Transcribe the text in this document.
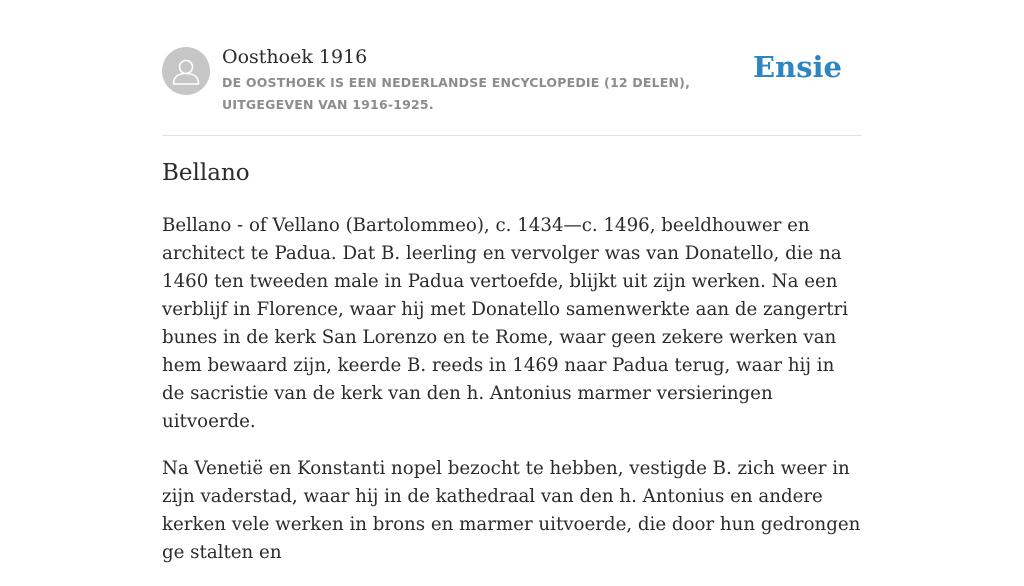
Oosthoek 1916
DE OOSTHOEK IS EEN NEDERLANDSE ENCYCLOPEDIE (12 DELEN), UITGEGEVEN VAN 1916-1925.
Ensie
Bellano

Bellano - of Vellano (Bartolommeo), c. 1434—c. 1496, beeldhouwer en architect te Padua. Dat B. leerling en vervolger was van Donatello, die na 1460 ten tweeden male in Padua vertoefde, blijkt uit zijn werken. Na een verblijf in Florence, waar hij met Donatello samenwerkte aan de zangertri bunes in de kerk San Lorenzo en te Rome, waar geen zekere werken van hem bewaard zijn, keerde B. reeds in 1469 naar Padua terug, waar hij in de sacristie van de kerk van den h. Antonius marmer versieringen uitvoerde.

Na Venetië en Konstanti nopel bezocht te hebben, vestigde B. zich weer in zijn vaderstad, waar hij in de kathedraal van den h. Antonius en andere kerken vele werken in brons en marmer uitvoerde, die door hun gedrongen ge stalten en
